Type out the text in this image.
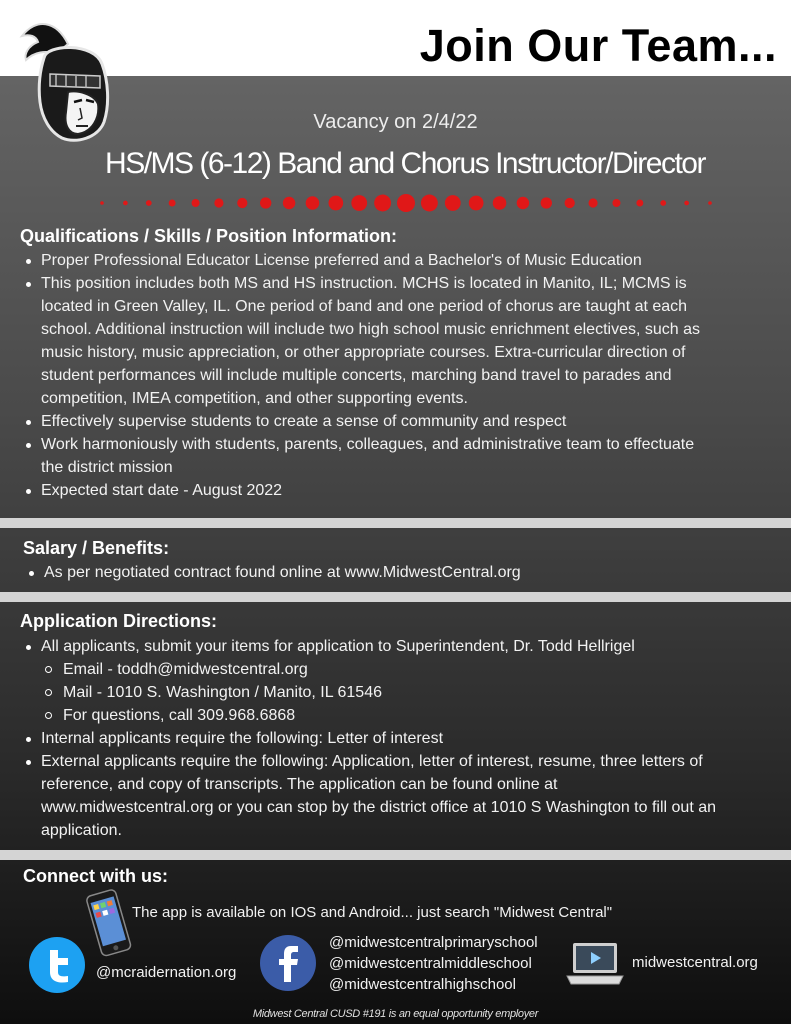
Join Our Team...
Vacancy on 2/4/22
HS/MS (6-12) Band and Chorus Instructor/Director
Qualifications / Skills / Position Information:
Proper Professional Educator License preferred and a Bachelor's of Music Education
This position includes both MS and HS instruction. MCHS is located in Manito, IL; MCMS is located in Green Valley, IL. One period of band and one period of chorus are taught at each school. Additional instruction will include two high school music enrichment electives, such as music history, music appreciation, or other appropriate courses. Extra-curricular direction of student performances will include multiple concerts, marching band travel to parades and competition, IMEA competition, and other supporting events.
Effectively supervise students to create a sense of community and respect
Work harmoniously with students, parents, colleagues, and administrative team to effectuate the district mission
Expected start date - August 2022
Salary / Benefits:
As per negotiated contract found online at www.MidwestCentral.org
Application Directions:
All applicants, submit your items for application to Superintendent, Dr. Todd Hellrigel
Email - toddh@midwestcentral.org
Mail - 1010 S. Washington / Manito, IL 61546
For questions, call 309.968.6868
Internal applicants require the following: Letter of interest
External applicants require the following: Application, letter of interest, resume, three letters of reference, and copy of transcripts. The application can be found online at www.midwestcentral.org or you can stop by the district office at 1010 S Washington to fill out an application.
Connect with us:
The app is available on IOS and Android... just search "Midwest Central"
@mcraidernation.org
@midwestcentralprimaryschool
@midwestcentralmiddleschool
@midwestcentralhighschool
midwestcentral.org
Midwest Central CUSD #191 is an equal opportunity employer
